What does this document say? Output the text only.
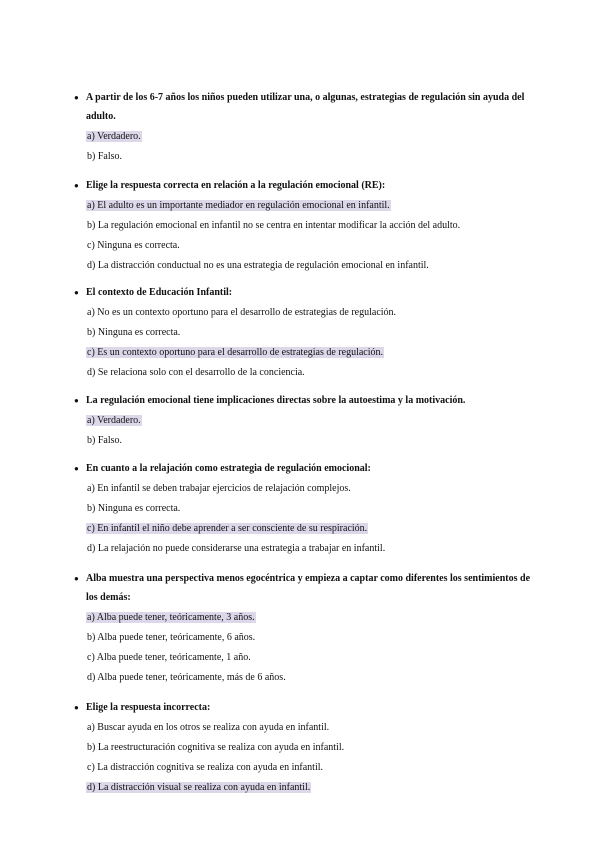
● A partir de los 6-7 años los niños pueden utilizar una, o algunas, estrategias de regulación sin ayuda del adulto.
a) Verdadero.
b) Falso.
● Elige la respuesta correcta en relación a la regulación emocional (RE):
a) El adulto es un importante mediador en regulación emocional en infantil.
b) La regulación emocional en infantil no se centra en intentar modificar la acción del adulto.
c) Ninguna es correcta.
d) La distracción conductual no es una estrategia de regulación emocional en infantil.
● El contexto de Educación Infantil:
a) No es un contexto oportuno para el desarrollo de estrategias de regulación.
b) Ninguna es correcta.
c) Es un contexto oportuno para el desarrollo de estrategias de regulación.
d) Se relaciona solo con el desarrollo de la conciencia.
● La regulación emocional tiene implicaciones directas sobre la autoestima y la motivación.
a) Verdadero.
b) Falso.
● En cuanto a la relajación como estrategia de regulación emocional:
a) En infantil se deben trabajar ejercicios de relajación complejos.
b) Ninguna es correcta.
c) En infantil el niño debe aprender a ser consciente de su respiración.
d) La relajación no puede considerarse una estrategia a trabajar en infantil.
● Alba muestra una perspectiva menos egocéntrica y empieza a captar como diferentes los sentimientos de los demás:
a) Alba puede tener, teóricamente, 3 años.
b) Alba puede tener, teóricamente, 6 años.
c) Alba puede tener, teóricamente, 1 año.
d) Alba puede tener, teóricamente, más de 6 años.
● Elige la respuesta incorrecta:
a) Buscar ayuda en los otros se realiza con ayuda en infantil.
b) La reestructuración cognitiva se realiza con ayuda en infantil.
c) La distracción cognitiva se realiza con ayuda en infantil.
d) La distracción visual se realiza con ayuda en infantil.
